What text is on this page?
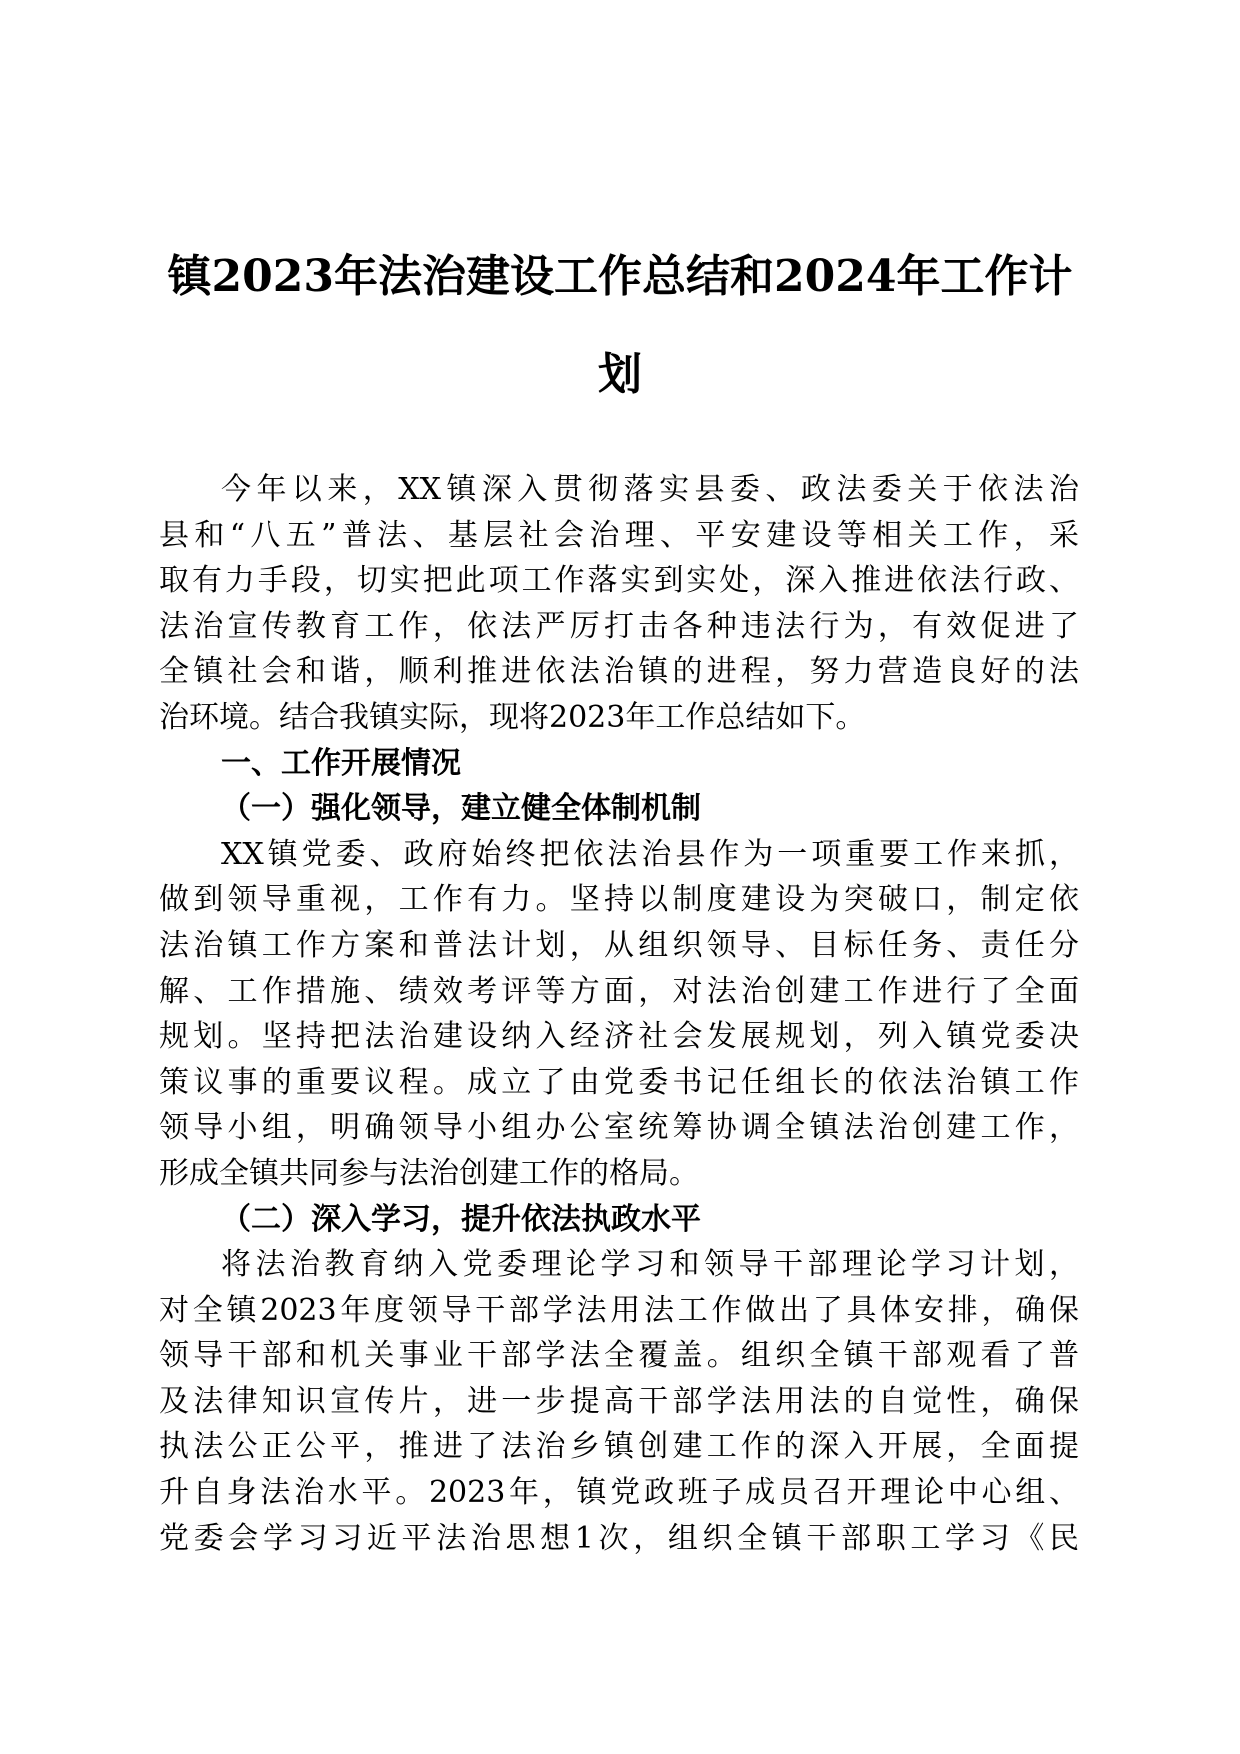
镇2023年法治建设工作总结和2024年工作计
划
今年以来，XX镇深入贯彻落实县委、政法委关于依法治
县和“八五”普法、基层社会治理、平安建设等相关工作，采
取有力手段，切实把此项工作落实到实处，深入推进依法行政、
法治宣传教育工作，依法严厉打击各种违法行为，有效促进了
全镇社会和谐，顺利推进依法治镇的进程，努力营造良好的法
治环境。结合我镇实际，现将2023年工作总结如下。
一、工作开展情况
（一）强化领导，建立健全体制机制
XX镇党委、政府始终把依法治县作为一项重要工作来抓，
做到领导重视，工作有力。坚持以制度建设为突破口，制定依
法治镇工作方案和普法计划，从组织领导、目标任务、责任分
解、工作措施、绩效考评等方面，对法治创建工作进行了全面
规划。坚持把法治建设纳入经济社会发展规划，列入镇党委决
策议事的重要议程。成立了由党委书记任组长的依法治镇工作
领导小组，明确领导小组办公室统筹协调全镇法治创建工作，
形成全镇共同参与法治创建工作的格局。
（二）深入学习，提升依法执政水平
将法治教育纳入党委理论学习和领导干部理论学习计划，
对全镇2023年度领导干部学法用法工作做出了具体安排，确保
领导干部和机关事业干部学法全覆盖。组织全镇干部观看了普
及法律知识宣传片，进一步提高干部学法用法的自觉性，确保
执法公正公平，推进了法治乡镇创建工作的深入开展，全面提
升自身法治水平。2023年，镇党政班子成员召开理论中心组、
党委会学习习近平法治思想1次，组织全镇干部职工学习《民
